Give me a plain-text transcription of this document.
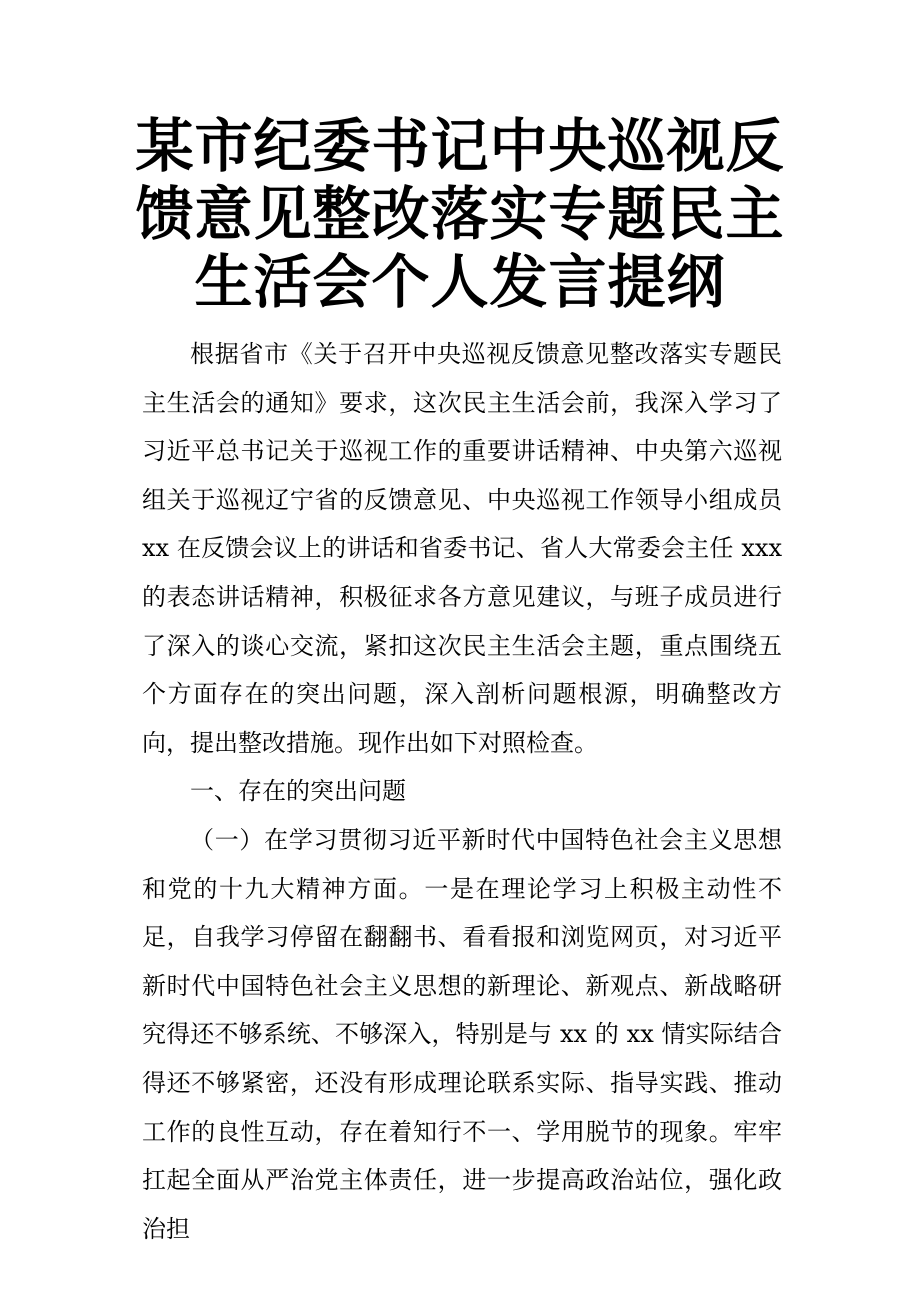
某市纪委书记中央巡视反馈意见整改落实专题民主生活会个人发言提纲

根据省市《关于召开中央巡视反馈意见整改落实专题民主生活会的通知》要求，这次民主生活会前，我深入学习了习近平总书记关于巡视工作的重要讲话精神、中央第六巡视组关于巡视辽宁省的反馈意见、中央巡视工作领导小组成员 xx 在反馈会议上的讲话和省委书记、省人大常委会主任 xxx 的表态讲话精神，积极征求各方意见建议，与班子成员进行了深入的谈心交流，紧扣这次民主生活会主题，重点围绕五个方面存在的突出问题，深入剖析问题根源，明确整改方向，提出整改措施。现作出如下对照检查。

一、存在的突出问题

（一）在学习贯彻习近平新时代中国特色社会主义思想和党的十九大精神方面。一是在理论学习上积极主动性不足，自我学习停留在翻翻书、看看报和浏览网页，对习近平新时代中国特色社会主义思想的新理论、新观点、新战略研究得还不够系统、不够深入，特别是与 xx 的 xx 情实际结合得还不够紧密，还没有形成理论联系实际、指导实践、推动工作的良性互动，存在着知行不一、学用脱节的现象。牢牢扛起全面从严治党主体责任，进一步提高政治站位，强化政治担
